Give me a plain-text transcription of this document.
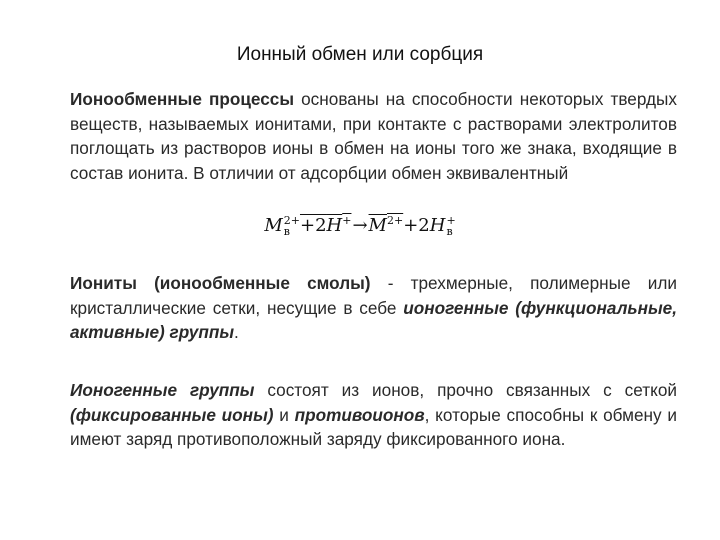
Ионный обмен или сорбция
Ионообменные процессы основаны на способности некоторых твердых веществ, называемых ионитами, при контакте с растворами электролитов поглощать из растворов ионы в обмен на ионы того же знака, входящие в состав ионита. В отличии от адсорбции обмен эквивалентный
M 2+
$в +2H^+\to M^{2+}+2H$ +
в
Иониты (ионообменные смолы) - трехмерные, полимерные или кристаллические сетки, несущие в себе ионогенные (функциональные, активные) группы.
Ионогенные группы состоят из ионов, прочно связанных с сеткой (фиксированные ионы) и противоионов, которые способны к обмену и имеют заряд противоположный заряду фиксированного иона.
